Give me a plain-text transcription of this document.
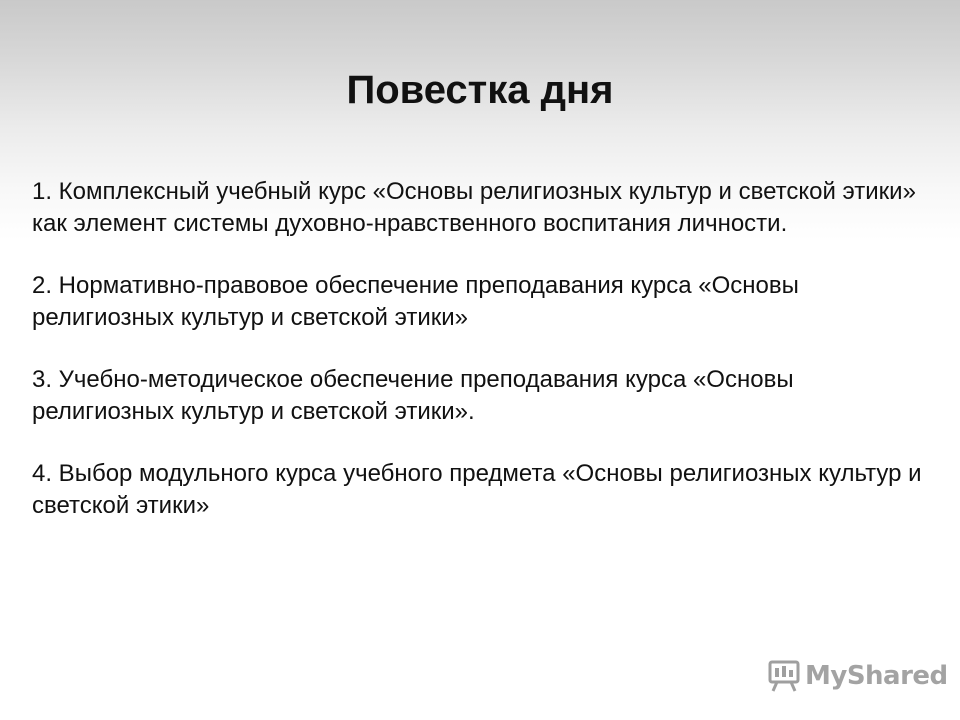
Повестка дня
1. Комплексный учебный курс «Основы религиозных культур и светской этики» как элемент системы духовно-нравственного воспитания личности.
2. Нормативно-правовое обеспечение преподавания курса «Основы религиозных культур и светской этики»
3. Учебно-методическое обеспечение преподавания курса «Основы религиозных культур и светской этики».
4. Выбор модульного курса учебного предмета «Основы религиозных культур и светской этики»
MyShared
